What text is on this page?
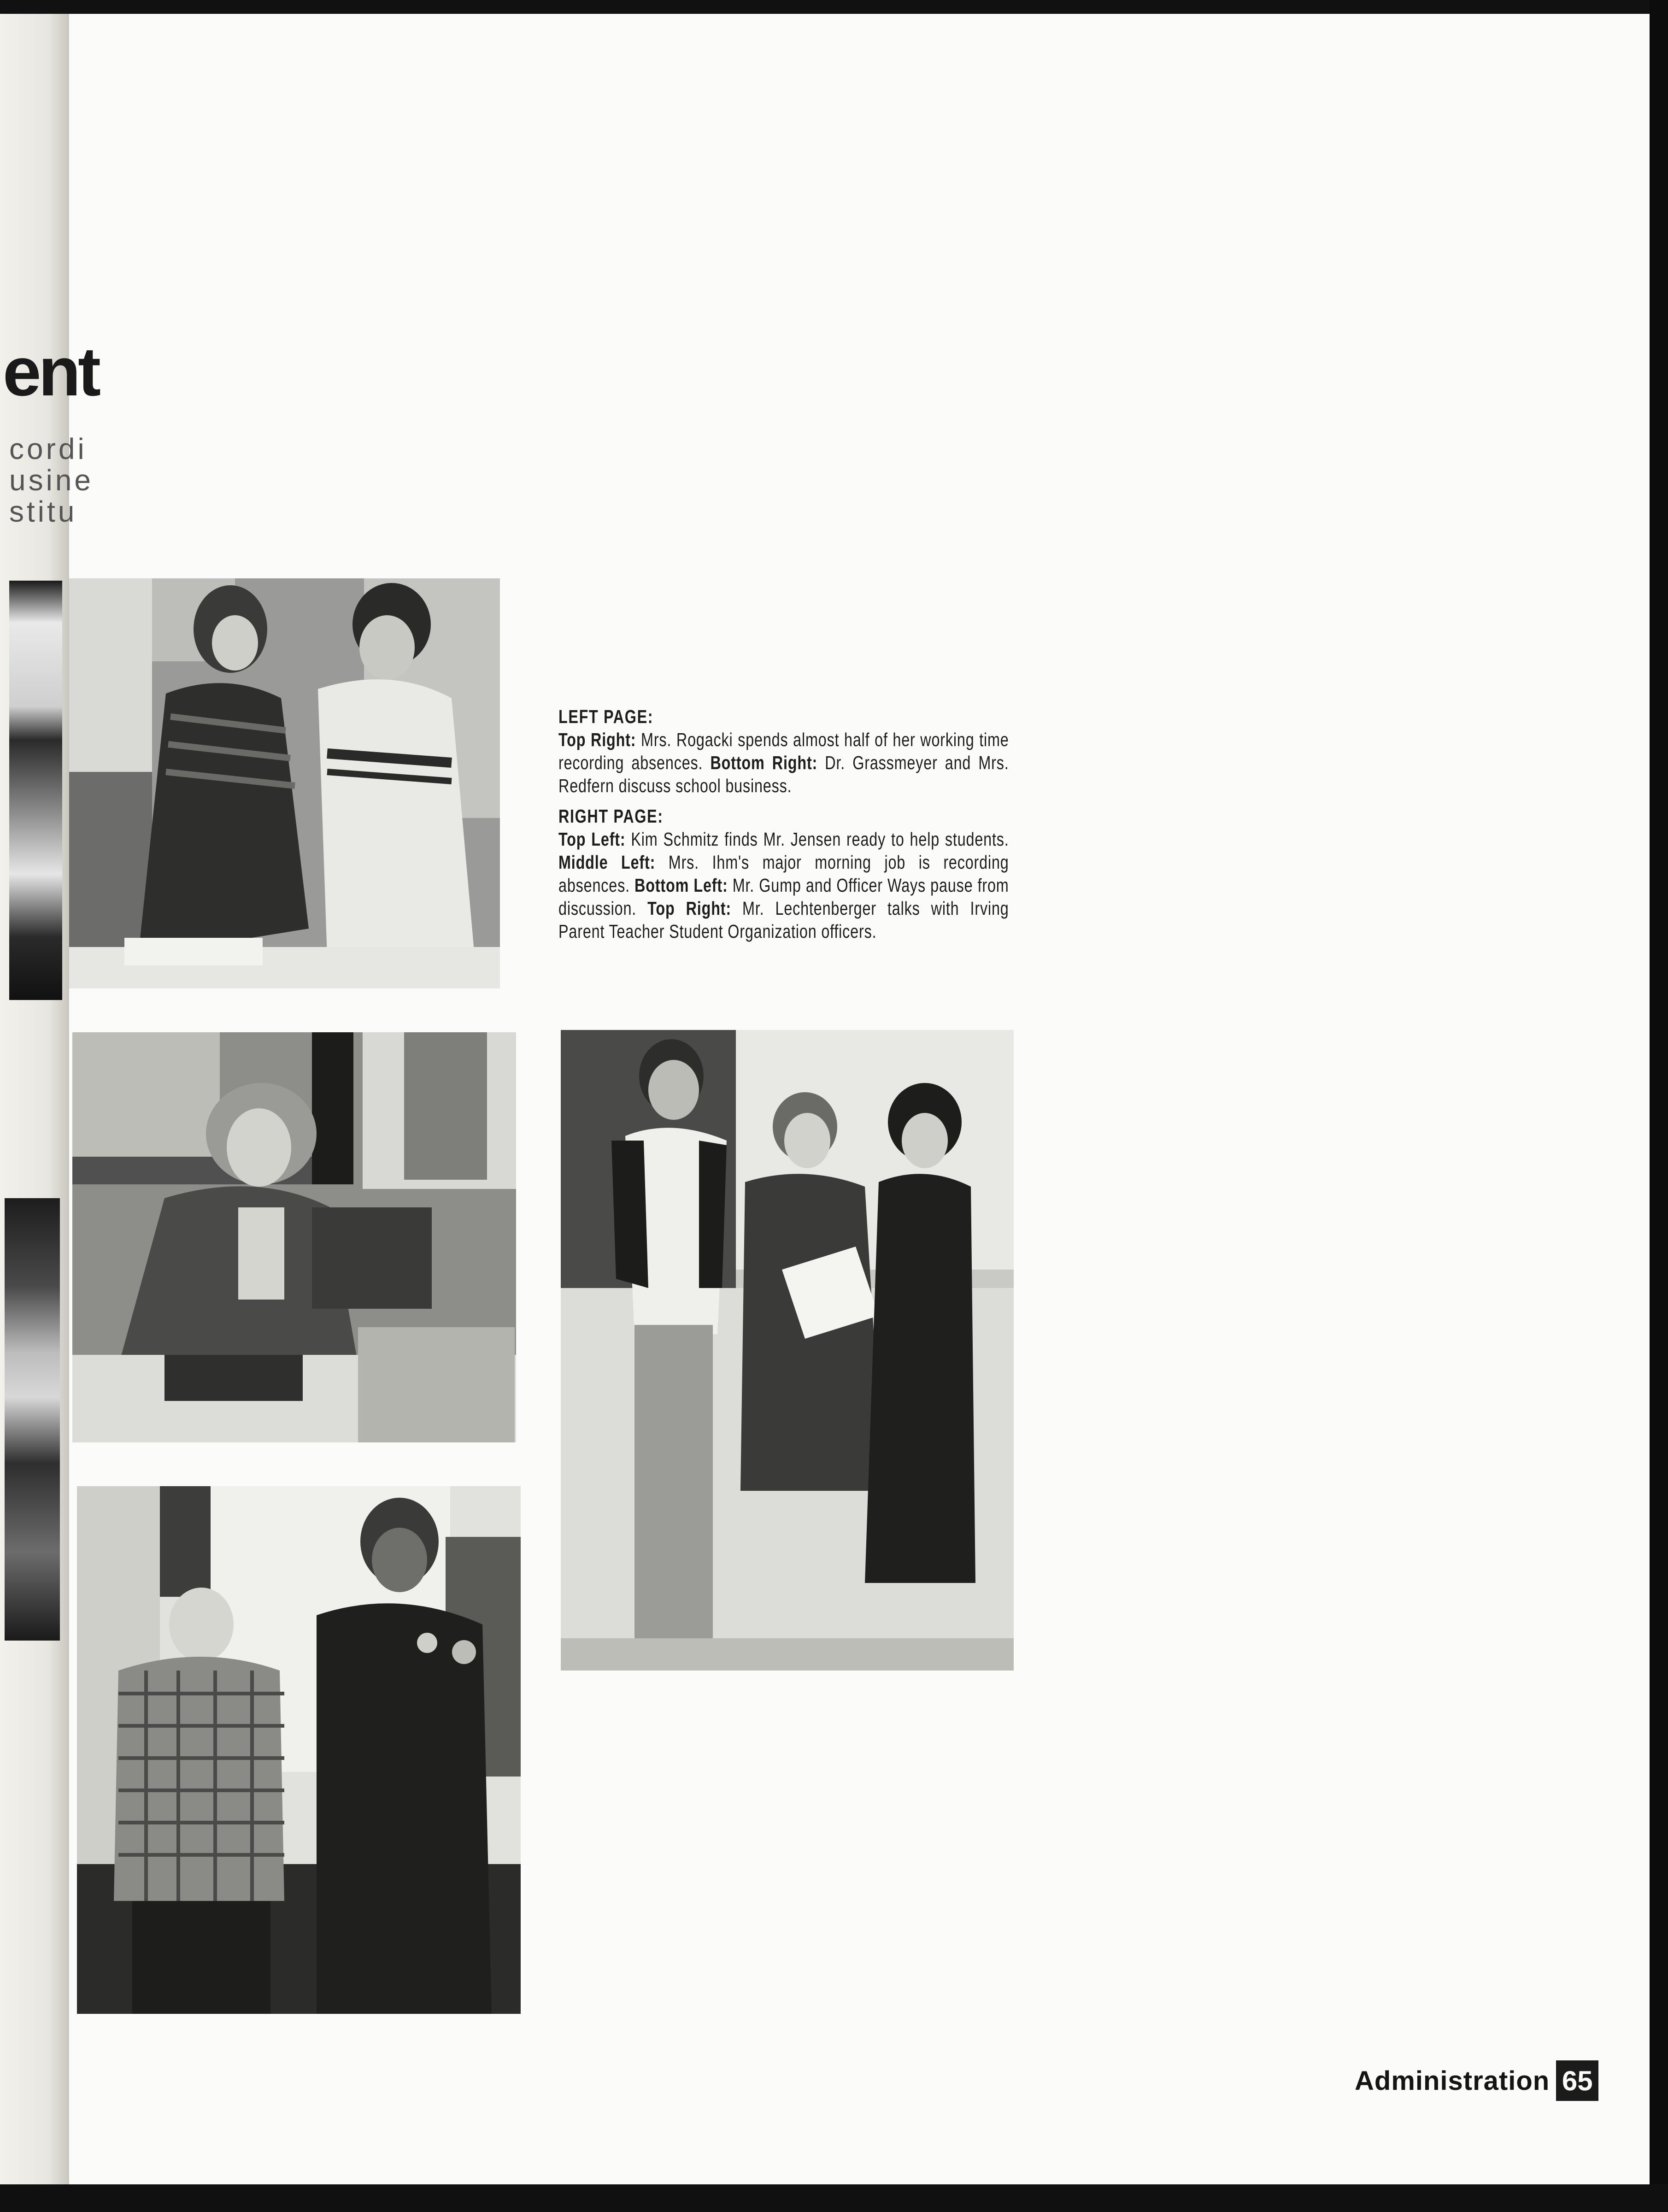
ent
cordi
usine
stitu

LEFT PAGE:

Top Right: Mrs. Rogacki spends almost half of her working time recording absences. Bottom Right: Dr. Grassmeyer and Mrs. Redfern discuss school business.

RIGHT PAGE:

Top Left: Kim Schmitz finds Mr. Jensen ready to help students. Middle Left: Mrs. Ihm's major morning job is recording absences. Bottom Left: Mr. Gump and Officer Ways pause from discussion. Top Right: Mr. Lechtenberger talks with Irving Parent Teacher Student Organization officers.

Administration 65
